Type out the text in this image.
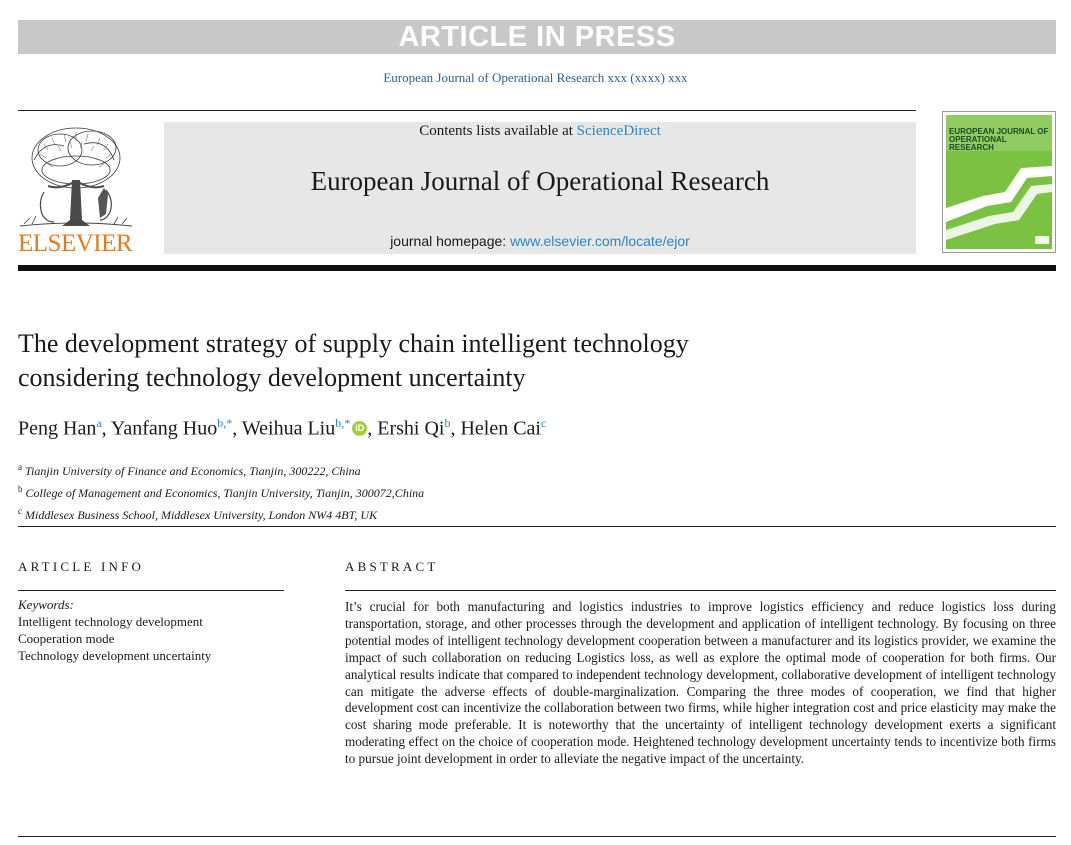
ARTICLE IN PRESS
European Journal of Operational Research xxx (xxxx) xxx
ELSEVIER
Contents lists available at ScienceDirect
European Journal of Operational Research
journal homepage: www.elsevier.com/locate/ejor
EUROPEAN JOURNAL OF OPERATIONAL RESEARCH
The development strategy of supply chain intelligent technology
considering technology development uncertainty
Peng Han$^a$, Yanfang Huo$^{b,*}$, Weihua Liu$^{b,*}$ iD , Ershi Qi$^b$, Helen Cai$^c$
$^a$ Tianjin University of Finance and Economics, Tianjin, 300222, China
$^b$ College of Management and Economics, Tianjin University, Tianjin, 300072,China
$^c$ Middlesex Business School, Middlesex University, London NW4 4BT, UK
ARTICLE INFO
Keywords:
Intelligent technology development
Cooperation mode
Technology development uncertainty
ABSTRACT
It’s crucial for both manufacturing and logistics industries to improve logistics efficiency and reduce logistics loss during transportation, storage, and other processes through the development and application of intelligent technology. By focusing on three potential modes of intelligent technology development cooperation between a manufacturer and its logistics provider, we examine the impact of such collaboration on reducing Logistics loss, as well as explore the optimal mode of cooperation for both firms. Our analytical results indicate that compared to independent technology development, collaborative development of intelligent technology can mitigate the adverse effects of double-marginalization. Comparing the three modes of cooperation, we find that higher development cost can incentivize the collaboration between two firms, while higher integration cost and price elasticity may make the cost sharing mode preferable. It is noteworthy that the uncertainty of intelligent technology development exerts a significant moderating effect on the choice of cooperation mode. Heightened technology development uncertainty tends to incentivize both firms to pursue joint development in order to alleviate the negative impact of the uncertainty.
